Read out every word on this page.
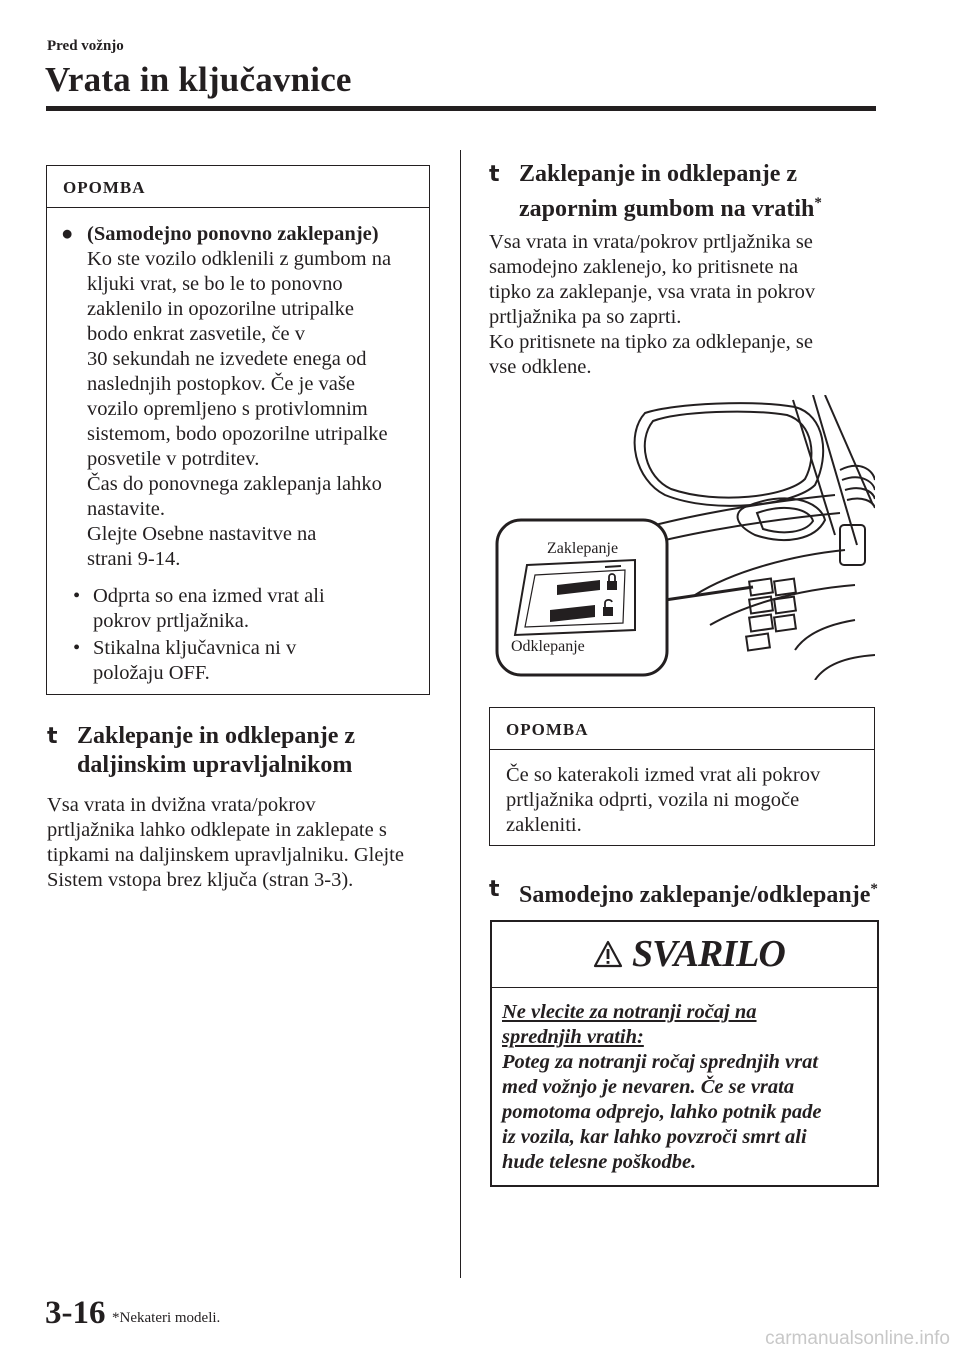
Pred vožnjo
Vrata in ključavnice
OPOMBA
● (Samodejno ponovno zaklepanje)
Ko ste vozilo odklenili z gumbom na
kljuki vrat, se bo le to ponovno
zaklenilo in opozorilne utripalke
bodo enkrat zasvetile, če v
30 sekundah ne izvedete enega od
naslednjih postopkov. Če je vaše
vozilo opremljeno s protivlomnim
sistemom, bodo opozorilne utripalke
posvetile v potrditev.
Čas do ponovnega zaklepanja lahko
nastavite.
Glejte Osebne nastavitve na
strani 9-14.
• Odprta so ena izmed vrat ali
pokrov prtljažnika.
• Stikalna ključavnica ni v
položaju OFF.
t Zaklepanje in odklepanje z
daljinskim upravljalnikom
Vsa vrata in dvižna vrata/pokrov
prtljažnika lahko odklepate in zaklepate s
tipkami na daljinskem upravljalniku. Glejte
Sistem vstopa brez ključa (stran 3-3).
t Zaklepanje in odklepanje z
zapornim gumbom na vratih*
Vsa vrata in vrata/pokrov prtljažnika se
samodejno zaklenejo, ko pritisnete na
tipko za zaklepanje, vsa vrata in pokrov
prtljažnika pa so zaprti.
Ko pritisnete na tipko za odklepanje, se
vse odklene.
Zaklepanje
Odklepanje
OPOMBA
Če so katerakoli izmed vrat ali pokrov
prtljažnika odprti, vozila ni mogoče
zakleniti.
t Samodejno zaklepanje/odklepanje*
SVARILO
Ne vlecite za notranji ročaj na
sprednjih vratih:
Poteg za notranji ročaj sprednjih vrat
med vožnjo je nevaren. Če se vrata
pomotoma odprejo, lahko potnik pade
iz vozila, kar lahko povzroči smrt ali
hude telesne poškodbe.
3-16 *Nekateri modeli.
carmanualsonline.info
